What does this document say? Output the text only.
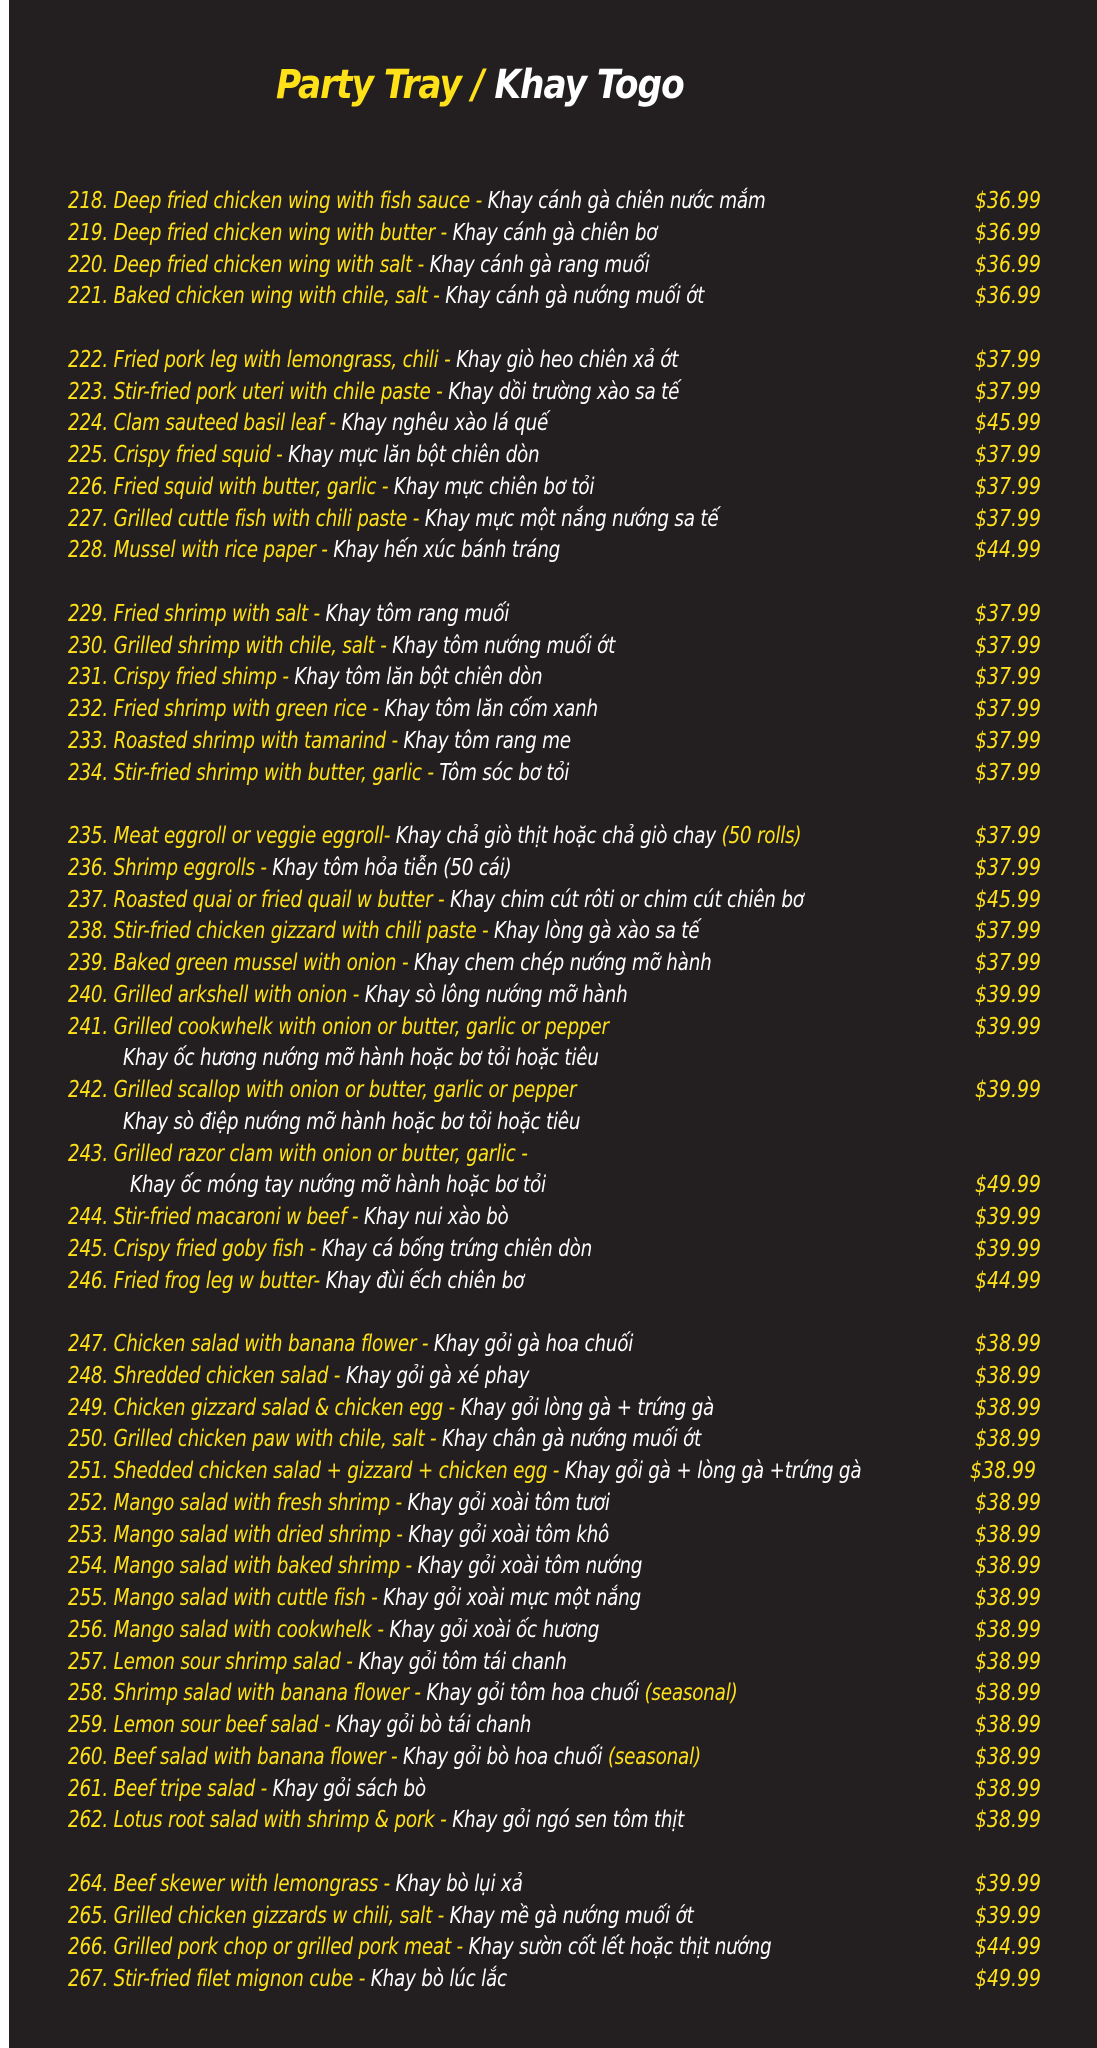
Party Tray / Khay Togo
218. Deep fried chicken wing with fish sauce - Khay cánh gà chiên nước mắm	$36.99
219. Deep fried chicken wing with butter - Khay cánh gà chiên bơ	$36.99
220. Deep fried chicken wing with salt - Khay cánh gà rang muối	$36.99
221. Baked chicken wing with chile, salt - Khay cánh gà nướng muối ớt	$36.99
222. Fried pork leg with lemongrass, chili - Khay giò heo chiên xả ớt	$37.99
223. Stir-fried pork uteri with chile paste - Khay dồi trường xào sa tế	$37.99
224. Clam sauteed basil leaf - Khay nghêu xào lá quế	$45.99
225. Crispy fried squid - Khay mực lăn bột chiên dòn	$37.99
226. Fried squid with butter, garlic - Khay mực chiên bơ tỏi	$37.99
227. Grilled cuttle fish with chili paste - Khay mực một nắng nướng sa tế	$37.99
228. Mussel with rice paper - Khay hến xúc bánh tráng	$44.99
229. Fried shrimp with salt - Khay tôm rang muối	$37.99
230. Grilled shrimp with chile, salt - Khay tôm nướng muối ớt	$37.99
231. Crispy fried shimp - Khay tôm lăn bột chiên dòn	$37.99
232. Fried shrimp with green rice - Khay tôm lăn cốm xanh	$37.99
233. Roasted shrimp with tamarind - Khay tôm rang me	$37.99
234. Stir-fried shrimp with butter, garlic - Tôm sóc bơ tỏi	$37.99
235. Meat eggroll or veggie eggroll- Khay chả giò thịt hoặc chả giò chay (50 rolls)	$37.99
236. Shrimp eggrolls - Khay tôm hỏa tiễn (50 cái)	$37.99
237. Roasted quai or fried quail w butter - Khay chim cút rôti or chim cút chiên bơ	$45.99
238. Stir-fried chicken gizzard with chili paste - Khay lòng gà xào sa tế	$37.99
239. Baked green mussel with onion - Khay chem chép nướng mỡ hành	$37.99
240. Grilled arkshell with onion - Khay sò lông nướng mỡ hành	$39.99
241. Grilled cookwhelk with onion or butter, garlic or pepper	$39.99
Khay ốc hương nướng mỡ hành hoặc bơ tỏi hoặc tiêu
242. Grilled scallop with onion or butter, garlic or pepper	$39.99
Khay sò điệp nướng mỡ hành hoặc bơ tỏi hoặc tiêu
243. Grilled razor clam with onion or butter, garlic -
Khay ốc móng tay nướng mỡ hành hoặc bơ tỏi	$49.99
244. Stir-fried macaroni w beef - Khay nui xào bò	$39.99
245. Crispy fried goby fish - Khay cá bống trứng chiên dòn	$39.99
246. Fried frog leg w butter- Khay đùi ếch chiên bơ	$44.99
247. Chicken salad with banana flower - Khay gỏi gà hoa chuối	$38.99
248. Shredded chicken salad - Khay gỏi gà xé phay	$38.99
249. Chicken gizzard salad & chicken egg - Khay gỏi lòng gà + trứng gà	$38.99
250. Grilled chicken paw with chile, salt - Khay chân gà nướng muối ớt	$38.99
251. Shedded chicken salad + gizzard + chicken egg - Khay gỏi gà + lòng gà +trứng gà	$38.99
252. Mango salad with fresh shrimp - Khay gỏi xoài tôm tươi	$38.99
253. Mango salad with dried shrimp - Khay gỏi xoài tôm khô	$38.99
254. Mango salad with baked shrimp - Khay gỏi xoài tôm nướng	$38.99
255. Mango salad with cuttle fish - Khay gỏi xoài mực một nắng	$38.99
256. Mango salad with cookwhelk - Khay gỏi xoài ốc hương	$38.99
257. Lemon sour shrimp salad - Khay gỏi tôm tái chanh	$38.99
258. Shrimp salad with banana flower - Khay gỏi tôm hoa chuối (seasonal)	$38.99
259. Lemon sour beef salad - Khay gỏi bò tái chanh	$38.99
260. Beef salad with banana flower - Khay gỏi bò hoa chuối (seasonal)	$38.99
261. Beef tripe salad - Khay gỏi sách bò	$38.99
262. Lotus root salad with shrimp & pork - Khay gỏi ngó sen tôm thịt	$38.99
264. Beef skewer with lemongrass - Khay bò lụi xả	$39.99
265. Grilled chicken gizzards w chili, salt - Khay mề gà nướng muối ớt	$39.99
266. Grilled pork chop or grilled pork meat - Khay sườn cốt lết hoặc thịt nướng	$44.99
267. Stir-fried filet mignon cube - Khay bò lúc lắc	$49.99
